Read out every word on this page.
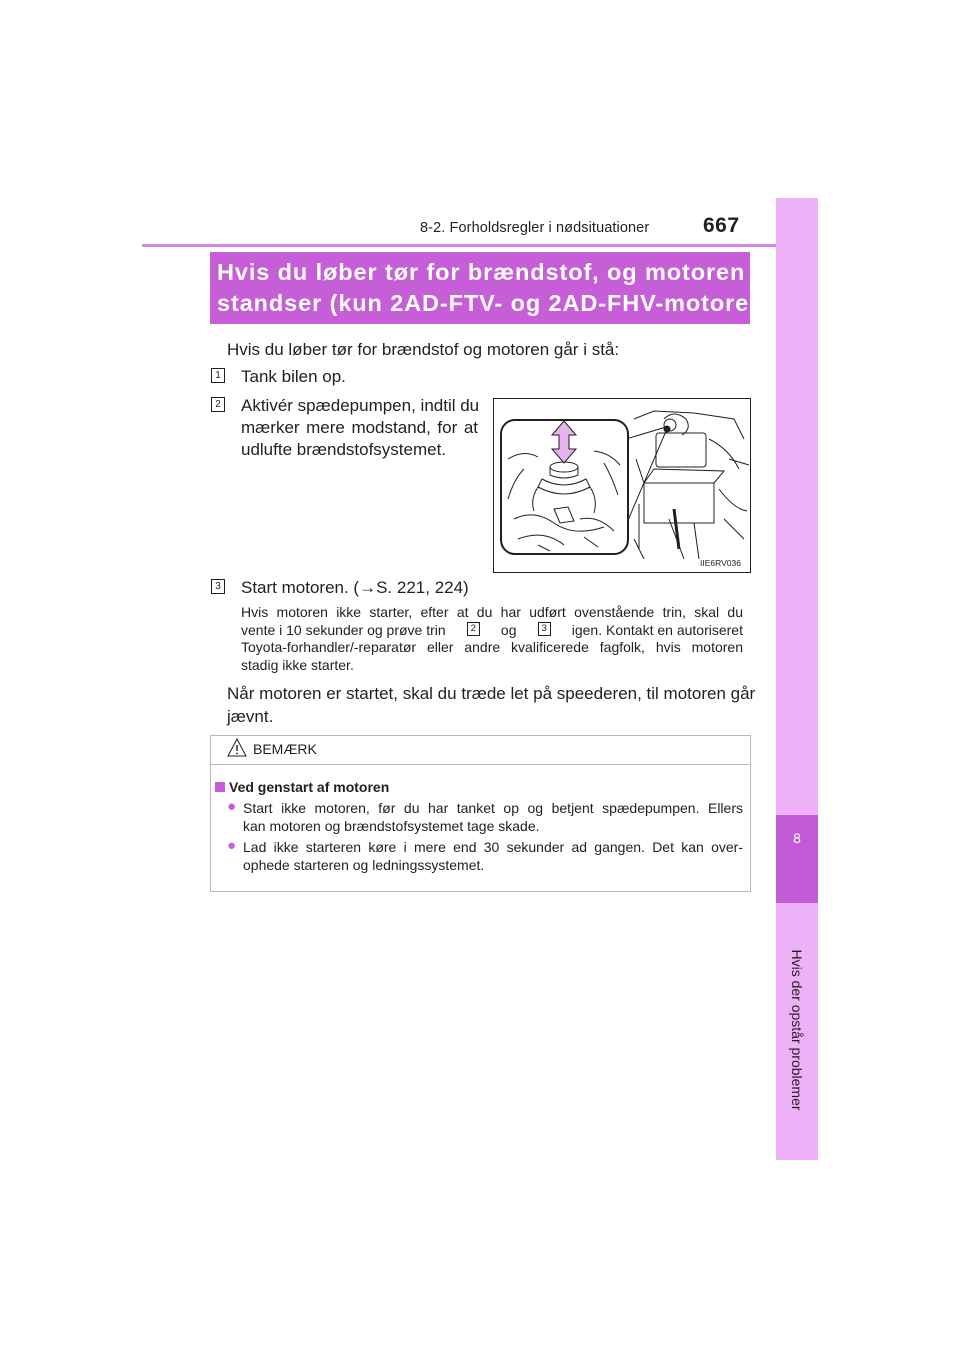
8-2. Forholdsregler i nødsituationer	667
8
Hvis der opstår problemer
Hvis du løber tør for brændstof, og motoren
standser (kun 2AD-FTV- og 2AD-FHV-motorer)
Hvis du løber tør for brændstof og motoren går i stå:
1 Tank bilen op.
2 Aktivér spædepumpen, indtil du
mærker mere modstand, for at
udlufte brændstofsystemet.
IIE6RV036
3 Start motoren. (→S. 221, 224)
Hvis motoren ikke starter, efter at du har udført ovenstående trin, skal du
vente i 10 sekunder og prøve trin	2 og	3 igen. Kontakt en autoriseret
Toyota-forhandler/-reparatør eller andre kvalificerede fagfolk, hvis motoren
stadig ikke starter.
Når motoren er startet, skal du træde let på speederen, til motoren går
jævnt.
BEMÆRK
Ved genstart af motoren
● Start ikke motoren, før du har tanket op og betjent spædepumpen. Ellers
kan motoren og brændstofsystemet tage skade.
● Lad ikke starteren køre i mere end 30 sekunder ad gangen. Det kan over-
ophede starteren og ledningssystemet.
